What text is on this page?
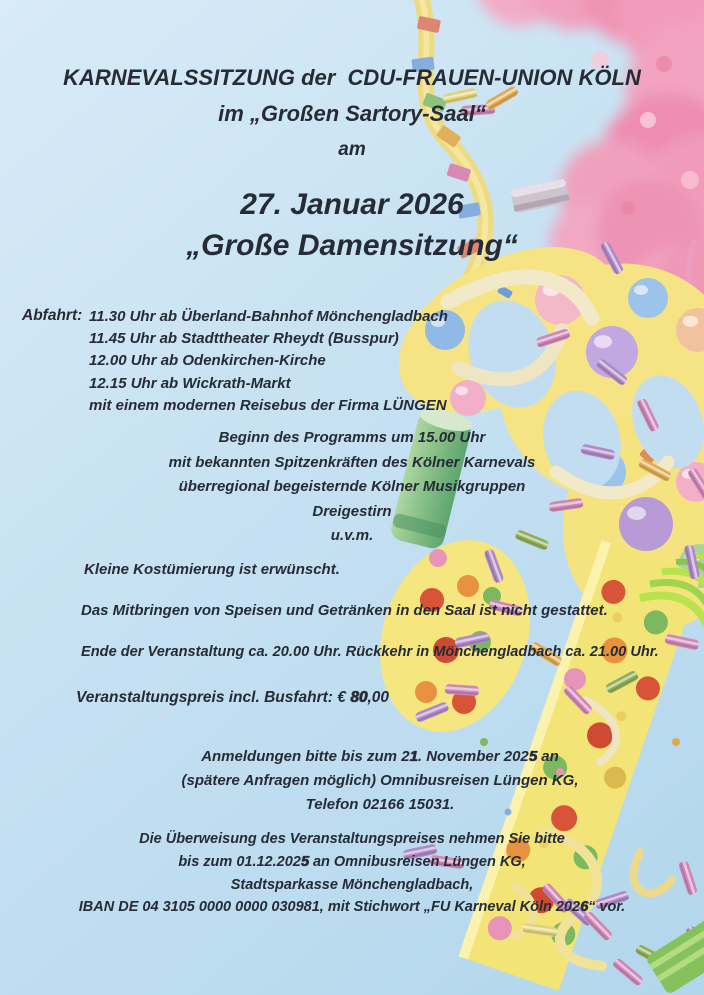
KARNEVALSSITZUNG der  CDU-FRAUEN-UNION KÖLN
im „Großen Sartory-Saal“
am
27. Januar 2026
„Große Damensitzung“
Abfahrt: 11.30 Uhr ab Überland-Bahnhof Mönchengladbach
11.45 Uhr ab Stadttheater Rheydt (Busspur)
12.00 Uhr ab Odenkirchen-Kirche
12.15 Uhr ab Wickrath-Markt
mit einem modernen Reisebus der Firma LÜNGEN
Beginn des Programms um 15.00 Uhr
mit bekannten Spitzenkräften des Kölner Karnevals
überregional begeisternde Kölner Musikgruppen
Dreigestirn
u.v.m.
Kleine Kostümierung ist erwünscht.
Das Mitbringen von Speisen und Getränken in den Saal ist nicht gestattet.
Ende der Veranstaltung ca. 20.00 Uhr. Rückkehr in Mönchengladbach ca. 21.00 Uhr.
Veranstaltungspreis incl. Busfahrt: € 80,00
Anmeldungen bitte bis zum 21. November 2025 an
(spätere Anfragen möglich) Omnibusreisen Lüngen KG,
Telefon 02166 15031.
Die Überweisung des Veranstaltungspreises nehmen Sie bitte
bis zum 01.12.2025 an Omnibusreisen Lüngen KG,
Stadtsparkasse Mönchengladbach,
IBAN DE 04 3105 0000 0000 030981, mit Stichwort „FU Karneval Köln 2026“ vor.
